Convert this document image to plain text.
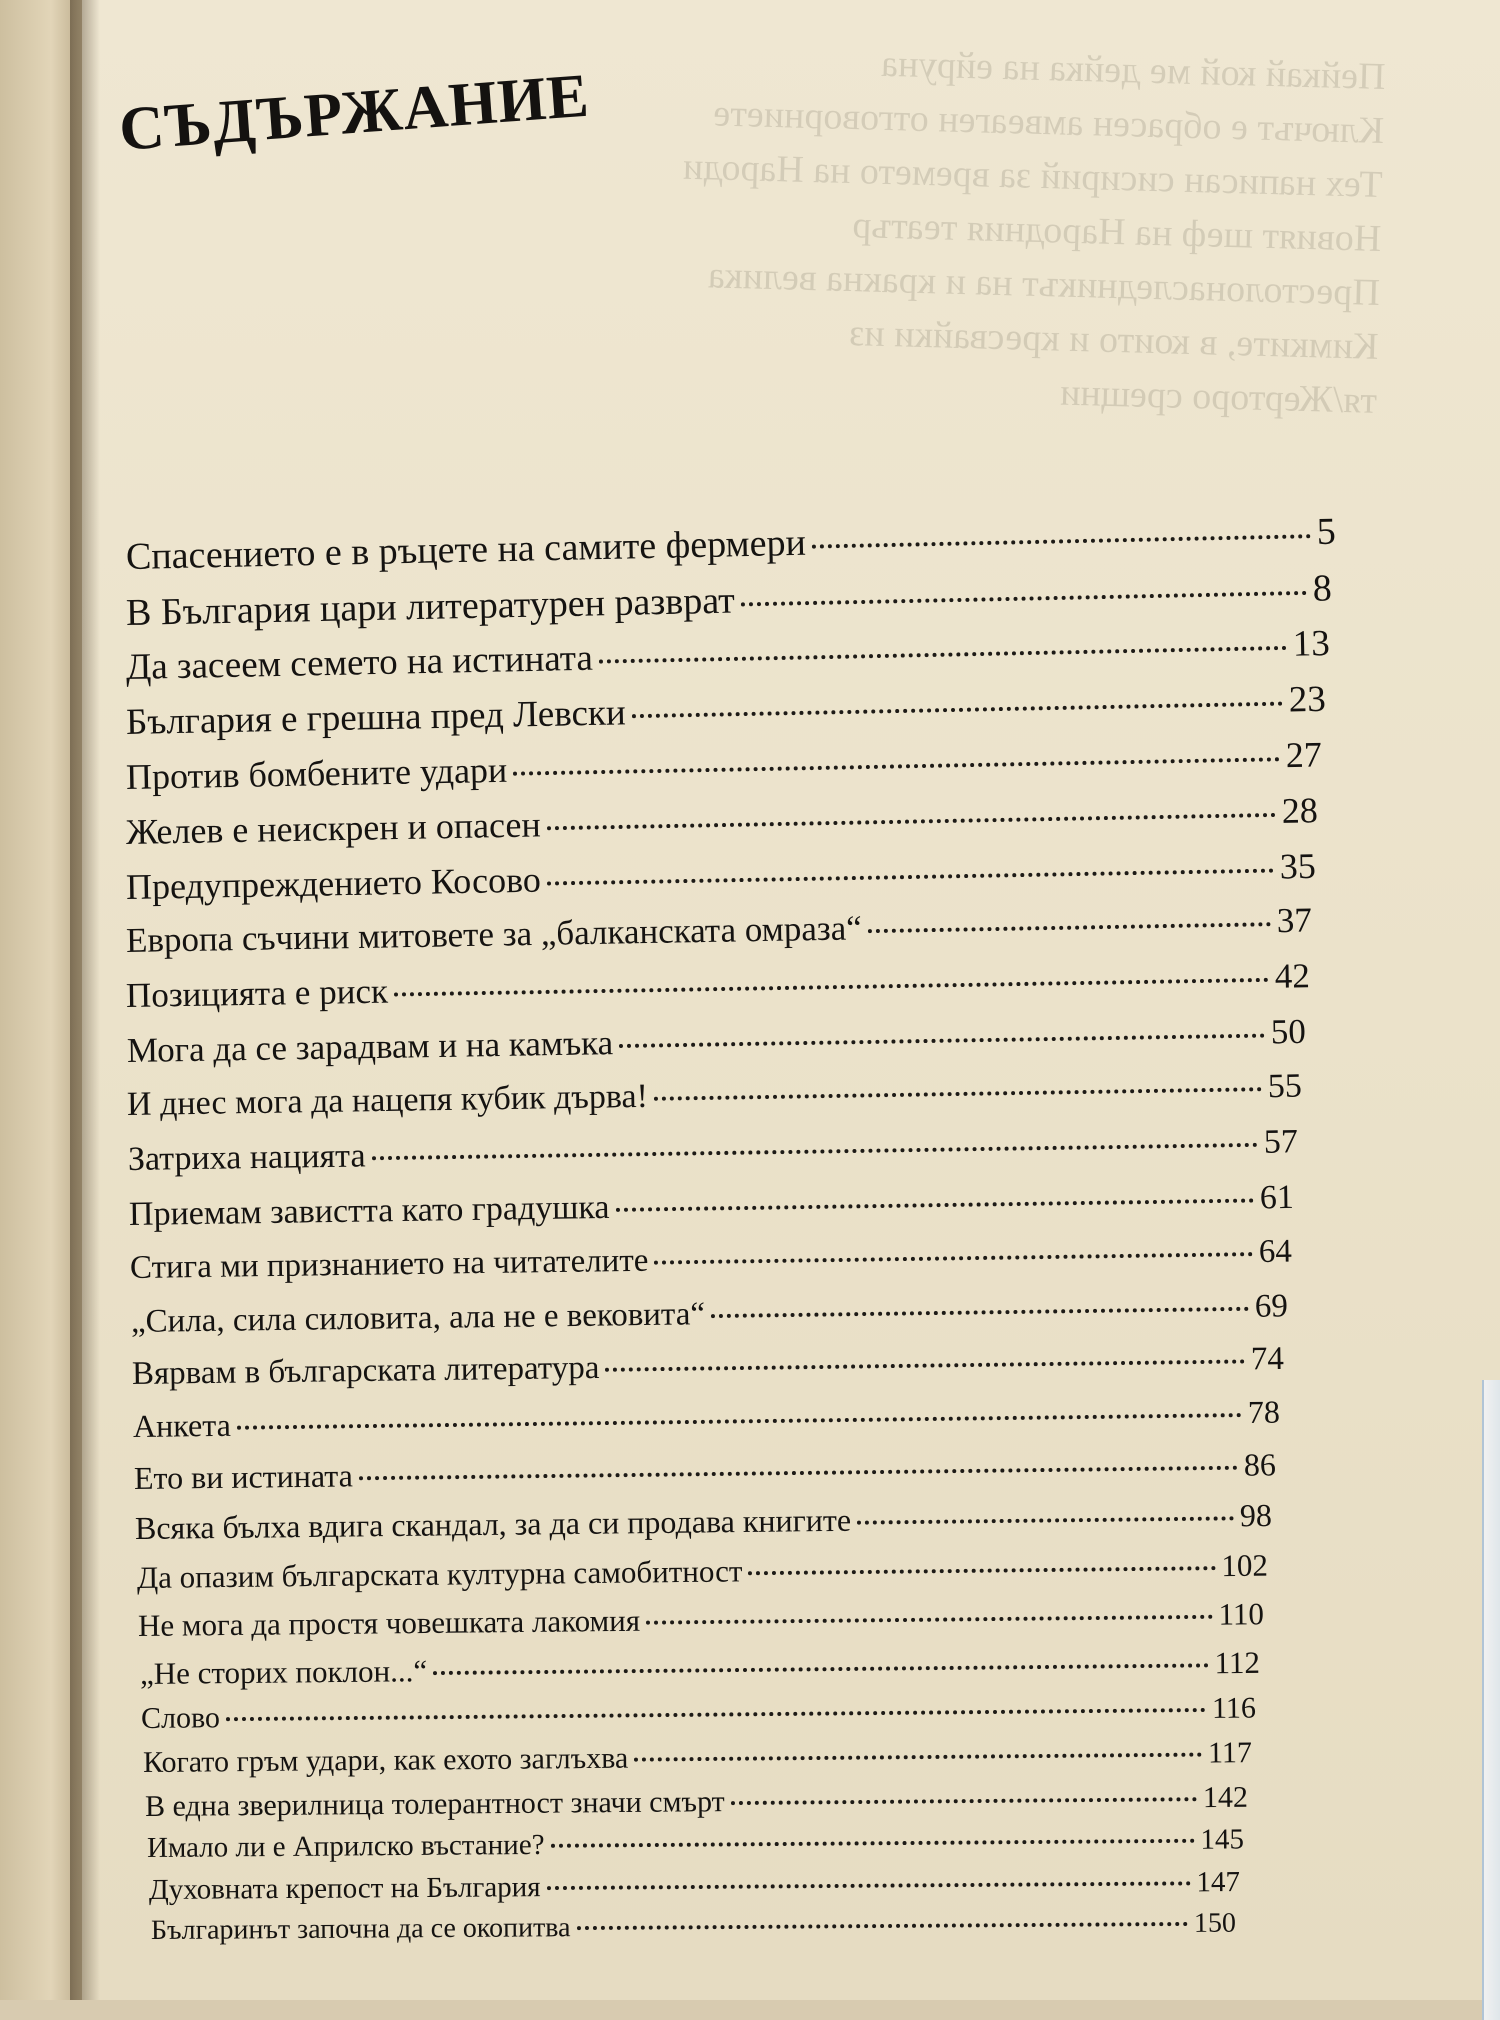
Пейкай кой ме дейка на ейруна
Ключът е обрасен амвеаген отговорниете
Тех написан сисирий за времето на Народи
Новият шеф на Народния театър
Престолонаследникът на и кракна велика
Кимките, в които и кресвайки из
тя/Жерторо срещни
СЪДЪРЖАНИЕ
Спасението е в ръцете на самите фермери	5
В България цари литературен разврат	8
Да засеем семето на истината	13
България е грешна пред Левски	23
Против бомбените удари	27
Желев е неискрен и опасен	28
Предупреждението Косово	35
Европа съчини митовете за „балканската омраза“	37
Позицията е риск	42
Мога да се зарадвам и на камъка	50
И днес мога да нацепя кубик дърва!	55
Затриха нацията	57
Приемам завистта като градушка	61
Стига ми признанието на читателите	64
„Сила, сила силовита, ала не е вековита“	69
Вярвам в българската литература	74
Анкета	78
Ето ви истината	86
Всяка бълха вдига скандал, за да си продава книгите	98
Да опазим българската културна самобитност	102
Не мога да простя човешката лакомия	110
„Не сторих поклон...“	112
Слово	116
Когато гръм удари, как ехото заглъхва	117
В една зверилница толерантност значи смърт	142
Имало ли е Априлско въстание?	145
Духовната крепост на България	147
Българинът започна да се окопитва	150
